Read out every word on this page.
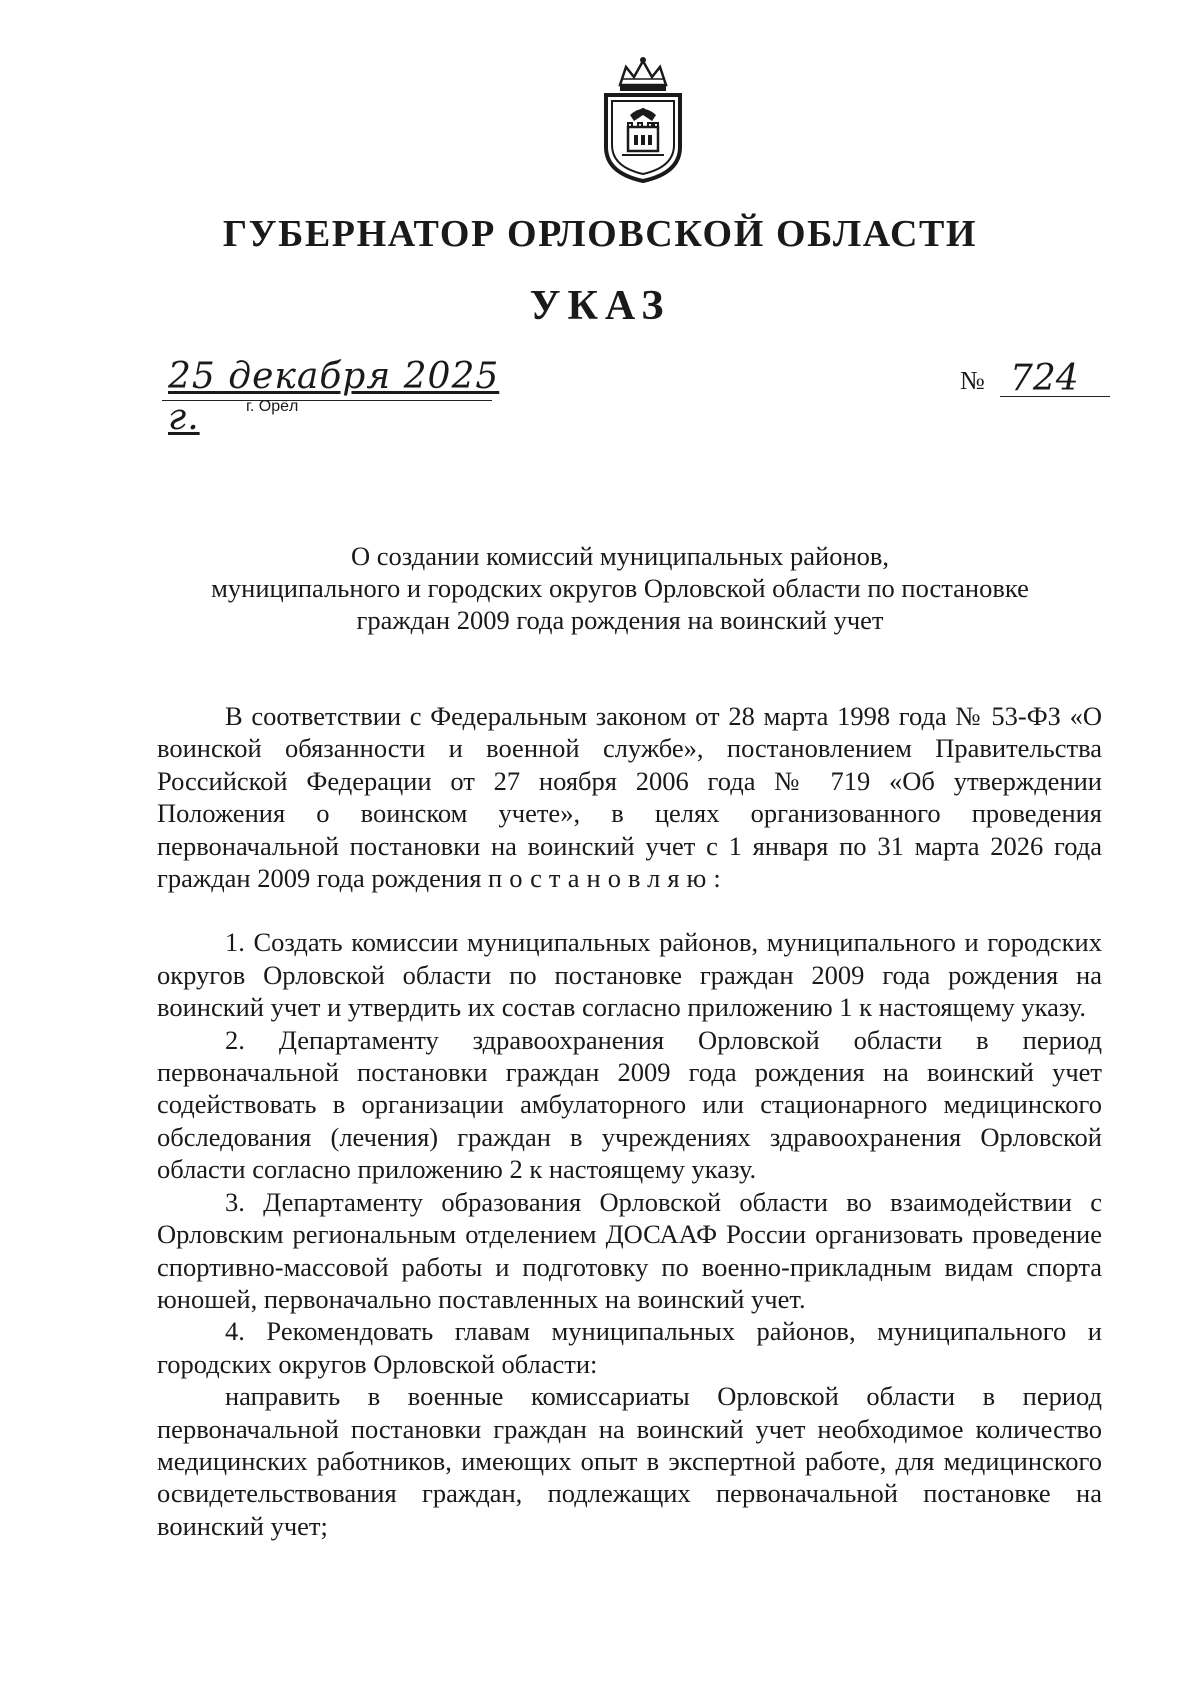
ГУБЕРНАТОР ОРЛОВСКОЙ ОБЛАСТИ
УКАЗ
25 декабря 2025 г.	г. Орёл
№ 724
О создании комиссий муниципальных районов,
муниципального и городских округов Орловской области по постановке
граждан 2009 года рождения на воинский учет

В соответствии с Федеральным законом от 28 марта 1998 года № 53-ФЗ «О воинской обязанности и военной службе», постановлением Правительства Российской Федерации от 27 ноября 2006 года № 719 «Об утверждении Положения о воинском учете», в целях организованного проведения первоначальной постановки на воинский учет с 1 января по 31 марта 2026 года граждан 2009 года рождения постановляю:

1. Создать комиссии муниципальных районов, муниципального и городских округов Орловской области по постановке граждан 2009 года рождения на воинский учет и утвердить их состав согласно приложению 1 к настоящему указу.

2. Департаменту здравоохранения Орловской области в период первоначальной постановки граждан 2009 года рождения на воинский учет содействовать в организации амбулаторного или стационарного медицинского обследования (лечения) граждан в учреждениях здравоохранения Орловской области согласно приложению 2 к настоящему указу.

3. Департаменту образования Орловской области во взаимодействии с Орловским региональным отделением ДОСААФ России организовать проведение спортивно-массовой работы и подготовку по военно-прикладным видам спорта юношей, первоначально поставленных на воинский учет.

4. Рекомендовать главам муниципальных районов, муниципального и городских округов Орловской области:

направить в военные комиссариаты Орловской области в период первоначальной постановки граждан на воинский учет необходимое количество медицинских работников, имеющих опыт в экспертной работе, для медицинского освидетельствования граждан, подлежащих первоначальной постановке на воинский учет;
